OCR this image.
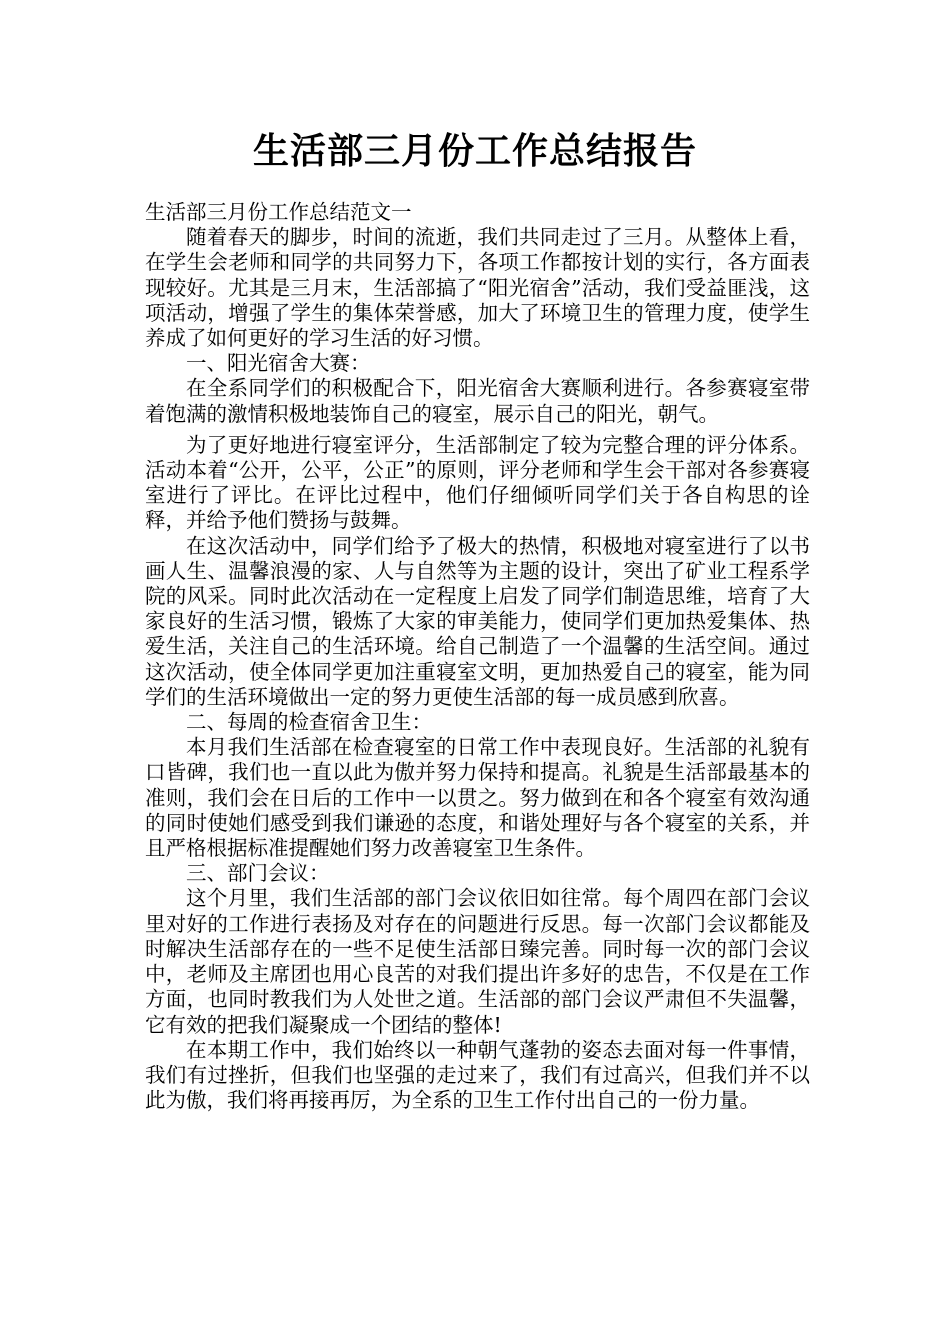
生活部三月份工作总结报告

生活部三月份工作总结范文一

随着春天的脚步，时间的流逝，我们共同走过了三月。从整体上看，在学生会老师和同学的共同努力下，各项工作都按计划的实行，各方面表现较好。尤其是三月末，生活部搞了“阳光宿舍”活动，我们受益匪浅，这项活动，增强了学生的集体荣誉感，加大了环境卫生的管理力度，使学生养成了如何更好的学习生活的好习惯。

一、阳光宿舍大赛：

在全系同学们的积极配合下，阳光宿舍大赛顺利进行。各参赛寝室带着饱满的激情积极地装饰自己的寝室，展示自己的阳光，朝气。

为了更好地进行寝室评分，生活部制定了较为完整合理的评分体系。活动本着“公开，公平，公正”的原则，评分老师和学生会干部对各参赛寝室进行了评比。在评比过程中，他们仔细倾听同学们关于各自构思的诠释，并给予他们赞扬与鼓舞。

在这次活动中，同学们给予了极大的热情，积极地对寝室进行了以书画人生、温馨浪漫的家、人与自然等为主题的设计，突出了矿业工程系学院的风采。同时此次活动在一定程度上启发了同学们制造思维，培育了大家良好的生活习惯，锻炼了大家的审美能力，使同学们更加热爱集体、热爱生活，关注自己的生活环境。给自己制造了一个温馨的生活空间。通过这次活动，使全体同学更加注重寝室文明，更加热爱自己的寝室，能为同学们的生活环境做出一定的努力更使生活部的每一成员感到欣喜。

二、每周的检查宿舍卫生：

本月我们生活部在检查寝室的日常工作中表现良好。生活部的礼貌有口皆碑，我们也一直以此为傲并努力保持和提高。礼貌是生活部最基本的准则，我们会在日后的工作中一以贯之。努力做到在和各个寝室有效沟通的同时使她们感受到我们谦逊的态度，和谐处理好与各个寝室的关系，并且严格根据标准提醒她们努力改善寝室卫生条件。

三、部门会议：

这个月里，我们生活部的部门会议依旧如往常。每个周四在部门会议里对好的工作进行表扬及对存在的问题进行反思。每一次部门会议都能及时解决生活部存在的一些不足使生活部日臻完善。同时每一次的部门会议中，老师及主席团也用心良苦的对我们提出许多好的忠告，不仅是在工作方面，也同时教我们为人处世之道。生活部的部门会议严肃但不失温馨，它有效的把我们凝聚成一个团结的整体!

在本期工作中，我们始终以一种朝气蓬勃的姿态去面对每一件事情，我们有过挫折，但我们也坚强的走过来了，我们有过高兴，但我们并不以此为傲，我们将再接再厉，为全系的卫生工作付出自己的一份力量。
